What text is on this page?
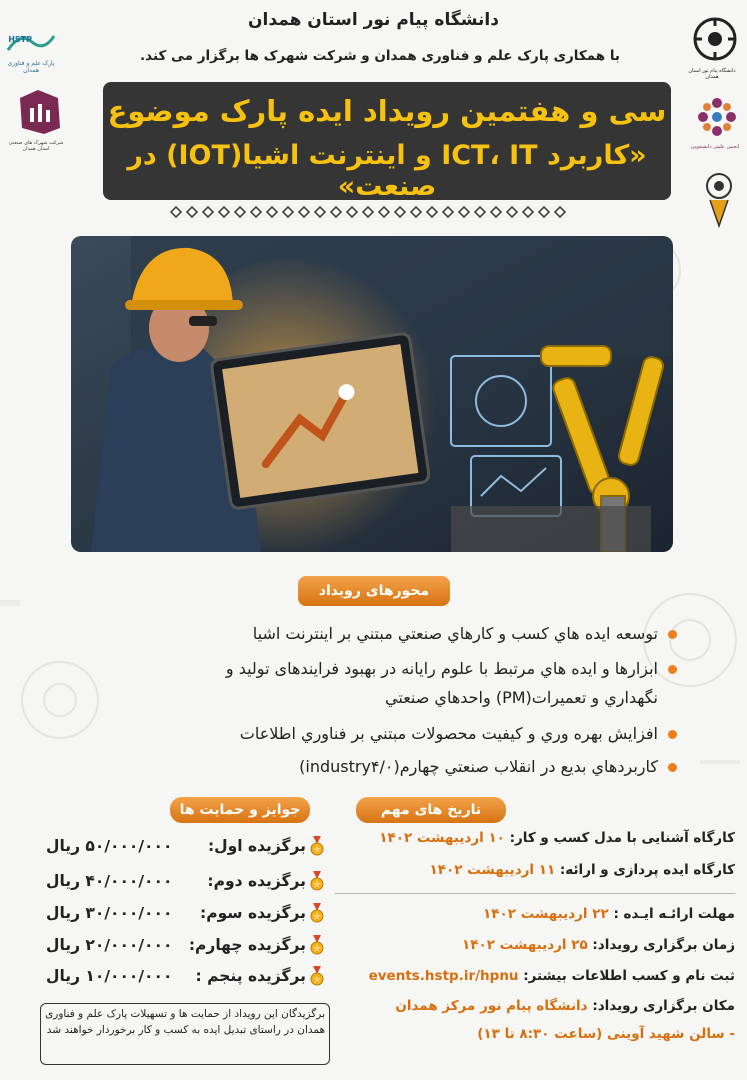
HSTP
پارک علم و فناوری همدان
شرکت شهرک های صنعتی استان همدان
دانشگاه پیام نور استان همدان
انجمن علمی دانشجویی
دانشگاه پیام نور استان همدان
با همکاری پارک علم و فناوری همدان و شرکت شهرک ها برگزار می کند.
سی و هفتمین رویداد ایده پارک موضوع
«کاربرد ICT، IT و اینترنت اشیا(IOT) در صنعت»
محورهای رویداد
توسعه ايده هاي كسب و كارهاي صنعتي مبتني بر اينترنت اشيا
ابزارها و ايده هاي مرتبط با علوم رايانه در بهبود فرايندهای توليد و
نگهداري و تعميرات(PM) واحدهاي صنعتي
افزايش بهره وري و كيفيت محصولات مبتني بر فناوري اطلاعات
كاربردهاي بديع در انقلاب صنعتي چهارم(industry۴/۰)
تاریخ های مهم
جوایز و حمایت ها
کارگاه آشنایی با مدل کسب و کار: ۱۰ اردیبهشت ۱۴۰۲
کارگاه ایده پردازی و ارائه: ۱۱ اردیبهشت ۱۴۰۲
مهلت ارائـه ایـده : ۲۲ اردیبهشت ۱۴۰۲
زمان برگزاری رویداد: ۲۵ اردیبهشت ۱۴۰۲
ثبت نام و کسب اطلاعات بیشتر: events.hstp.ir/hpnu
مکان برگزاری رویداد: دانشگاه پیام نور مرکز همدان
- سالن شهید آوینی (ساعت ۸:۳۰ تا ۱۳)
برگزیده اول:
۵۰/۰۰۰/۰۰۰ ریال
برگزیده دوم:
۴۰/۰۰۰/۰۰۰ ریال
برگزیده سوم:
۳۰/۰۰۰/۰۰۰ ریال
برگزیده چهارم:
۲۰/۰۰۰/۰۰۰ ریال
برگزیده پنجم :
۱۰/۰۰۰/۰۰۰ ریال
برگزیدگان این رویداد از حمایت ها و تسهیلات پارک علم و فناوری همدان در راستای تبدیل ایده به کسب و کار برخوردار خواهند شد
